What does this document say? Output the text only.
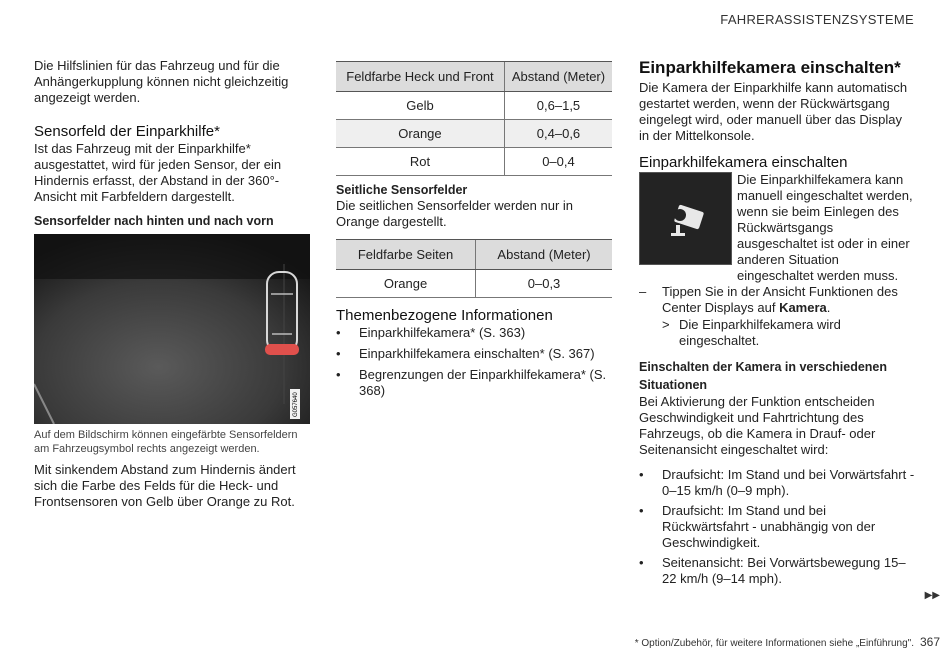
FAHRERASSISTENZSYSTEME

Die Hilfslinien für das Fahrzeug und für die Anhängerkupplung können nicht gleichzeitig angezeigt werden.

Sensorfeld der Einparkhilfe*

Ist das Fahrzeug mit der Einparkhilfe* ausgestattet, wird für jeden Sensor, der ein Hindernis erfasst, der Abstand in der 360°-Ansicht mit Farbfeldern dargestellt.

Sensorfelder nach hinten und nach vorn
G057640

Auf dem Bildschirm können eingefärbte Sensorfeldern am Fahrzeugsymbol rechts angezeigt werden.

Mit sinkendem Abstand zum Hindernis ändert sich die Farbe des Felds für die Heck- und Frontsensoren von Gelb über Orange zu Rot.

Feldfarbe Heck und Front	Abstand (Meter)
Gelb	0,6–1,5
Orange	0,4–0,6
Rot	0–0,4
Seitliche Sensorfelder

Die seitlichen Sensorfelder werden nur in Orange dargestellt.

Feldfarbe Seiten	Abstand (Meter)
Orange	0–0,3
Themenbezogene Informationen
• Einparkhilfekamera* (S. 363)
• Einparkhilfekamera einschalten* (S. 367)
• Begrenzungen der Einparkhilfekamera* (S. 368)
Einparkhilfekamera einschalten*

Die Kamera der Einparkhilfe kann automatisch gestartet werden, wenn der Rückwärtsgang eingelegt wird, oder manuell über das Display in der Mittelkonsole.

Einparkhilfekamera einschalten

Die Einparkhilfekamera kann manuell eingeschaltet werden, wenn sie beim Einlegen des Rückwärtsgangs ausgeschaltet ist oder in einer anderen Situation eingeschaltet werden muss.

– Tippen Sie in der Ansicht Funktionen des Center Displays auf Kamera.
> Die Einparkhilfekamera wird eingeschaltet.
Einschalten der Kamera in verschiedenen Situationen

Bei Aktivierung der Funktion entscheiden Geschwindigkeit und Fahrtrichtung des Fahrzeugs, ob die Kamera in Drauf- oder Seitenansicht eingeschaltet wird:

• Draufsicht: Im Stand und bei Vorwärtsfahrt - 0–15 km/h (0–9 mph).
• Draufsicht: Im Stand und bei Rückwärtsfahrt - unabhängig von der Geschwindigkeit.
• Seitenansicht: Bei Vorwärtsbewegung 15–22 km/h (9–14 mph).
▶▶
* Option/Zubehör, für weitere Informationen siehe „Einführung". 367
